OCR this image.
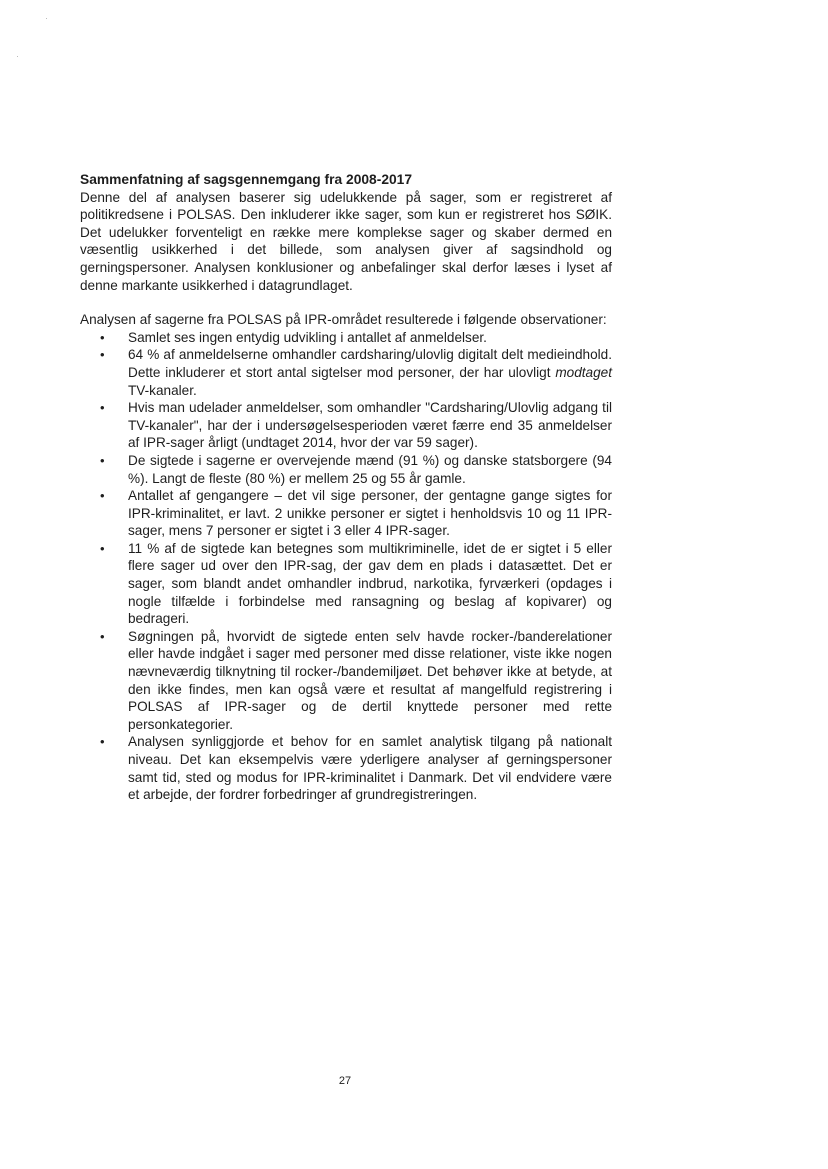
Sammenfatning af sagsgennemgang fra 2008-2017

Denne del af analysen baserer sig udelukkende på sager, som er registreret af politikredsene i POLSAS. Den inkluderer ikke sager, som kun er registreret hos SØIK. Det udelukker forventeligt en række mere komplekse sager og skaber dermed en væsentlig usikkerhed i det billede, som analysen giver af sagsindhold og gerningspersoner. Analysen konklusioner og anbefalinger skal derfor læses i lyset af denne markante usikkerhed i datagrundlaget.

Analysen af sagerne fra POLSAS på IPR-området resulterede i følgende observationer:

• Samlet ses ingen entydig udvikling i antallet af anmeldelser.
• 64 % af anmeldelserne omhandler cardsharing/ulovlig digitalt delt medieindhold. Dette inkluderer et stort antal sigtelser mod personer, der har ulovligt modtaget TV-kanaler.
• Hvis man udelader anmeldelser, som omhandler "Cardsharing/Ulovlig adgang til TV-kanaler", har der i undersøgelsesperioden været færre end 35 anmeldelser af IPR-sager årligt (undtaget 2014, hvor der var 59 sager).
• De sigtede i sagerne er overvejende mænd (91 %) og danske statsborgere (94 %). Langt de fleste (80 %) er mellem 25 og 55 år gamle.
• Antallet af gengangere – det vil sige personer, der gentagne gange sigtes for IPR-kriminalitet, er lavt. 2 unikke personer er sigtet i henholdsvis 10 og 11 IPR-sager, mens 7 personer er sigtet i 3 eller 4 IPR-sager.
• 11 % af de sigtede kan betegnes som multikriminelle, idet de er sigtet i 5 eller flere sager ud over den IPR-sag, der gav dem en plads i datasættet. Det er sager, som blandt andet omhandler indbrud, narkotika, fyrværkeri (opdages i nogle tilfælde i forbindelse med ransagning og beslag af kopivarer) og bedrageri.
• Søgningen på, hvorvidt de sigtede enten selv havde rocker-/banderelationer eller havde indgået i sager med personer med disse relationer, viste ikke nogen nævneværdig tilknytning til rocker-/bandemiljøet. Det behøver ikke at betyde, at den ikke findes, men kan også være et resultat af mangelfuld registrering i POLSAS af IPR-sager og de dertil knyttede personer med rette personkategorier.
• Analysen synliggjorde et behov for en samlet analytisk tilgang på nationalt niveau. Det kan eksempelvis være yderligere analyser af gerningspersoner samt tid, sted og modus for IPR-kriminalitet i Danmark. Det vil endvidere være et arbejde, der fordrer forbedringer af grundregistreringen.
27
